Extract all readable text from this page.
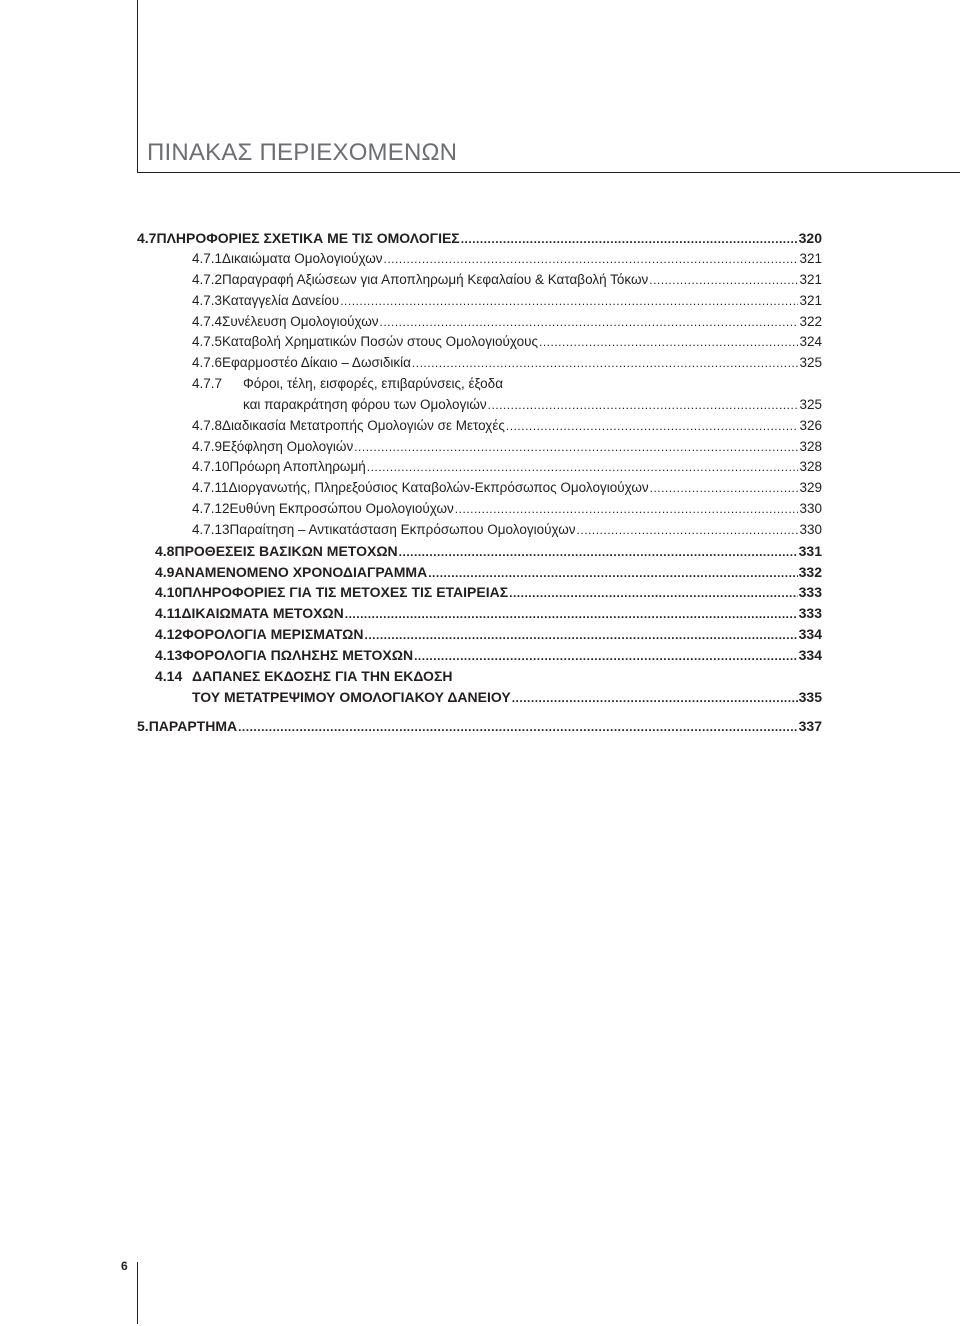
ΠΙΝΑΚΑΣ ΠΕΡΙΕΧΟΜΕΝΩΝ
4.7 ΠΛΗΡΟΦΟΡΙΕΣ ΣΧΕΤΙΚΑ ΜΕ ΤΙΣ ΟΜΟΛΟΓΙΕΣ .....	320
4.7.1 Δικαιώματα Ομολογιούχων .....	321
4.7.2 Παραγραφή Αξιώσεων για Αποπληρωμή Κεφαλαίου & Καταβολή Τόκων .....	321
4.7.3 Καταγγελία Δανείου .....	321
4.7.4 Συνέλευση Ομολογιούχων .....	322
4.7.5 Καταβολή Χρηματικών Ποσών στους Ομολογιούχους .....	324
4.7.6 Εφαρμοστέο Δίκαιο – Δωσιδικία .....	325
4.7.7	Φόροι, τέλη, εισφορές, επιβαρύνσεις, έξοδα
και παρακράτηση φόρου των Ομολογιών .....	325
4.7.8 Διαδικασία Μετατροπής Ομολογιών σε Μετοχές .....	326
4.7.9 Εξόφληση Ομολογιών .....	328
4.7.10 Πρόωρη Αποπληρωμή .....	328
4.7.11 Διοργανωτής, Πληρεξούσιος Καταβολών-Εκπρόσωπος Ομολογιούχων .....	329
4.7.12 Ευθύνη Εκπροσώπου Ομολογιούχων .....	330
4.7.13 Παραίτηση – Αντικατάσταση Εκπρόσωπου Ομολογιούχων .....	330
4.8 ΠΡΟΘΕΣΕΙΣ ΒΑΣΙΚΩΝ ΜΕΤΟΧΩΝ .....	331
4.9 ΑΝΑΜΕΝΟΜΕΝΟ ΧΡΟΝΟΔΙΑΓΡΑΜΜΑ .....	332
4.10 ΠΛΗΡΟΦΟΡΙΕΣ ΓΙΑ ΤΙΣ ΜΕΤΟΧΕΣ ΤΙΣ ΕΤΑΙΡΕΙΑΣ .....	333
4.11 ΔΙΚΑΙΩΜΑΤΑ ΜΕΤΟΧΩΝ .....	333
4.12 ΦΟΡΟΛΟΓΙΑ ΜΕΡΙΣΜΑΤΩΝ .....	334
4.13 ΦΟΡΟΛΟΓΙΑ ΠΩΛΗΣΗΣ ΜΕΤΟΧΩΝ .....	334
4.14 ΔΑΠΑΝΕΣ ΕΚΔΟΣΗΣ ΓΙΑ ΤΗΝ ΕΚΔΟΣΗ
ΤΟΥ ΜΕΤΑΤΡΕΨΙΜΟΥ ΟΜΟΛΟΓΙΑΚΟΥ ΔΑΝΕΙΟΥ .....	335
5. ΠΑΡΑΡΤΗΜΑ .....	337
6
